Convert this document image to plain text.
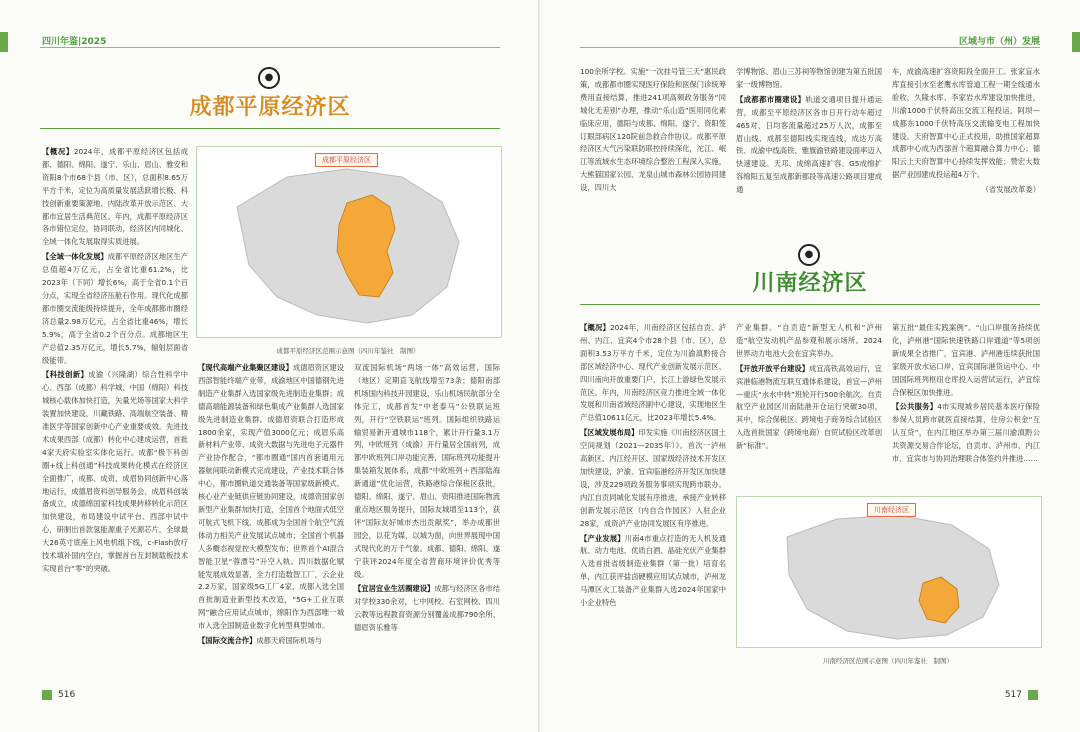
四川年鉴|2025
●
成都平原经济区
成都平原经济区
成都平原经济区范围示意图（四川年鉴社　制图）

【概况】2024年，成都平原经济区包括成都、德阳、绵阳、遂宁、乐山、眉山、雅安和资阳8个市68个县（市、区），总面积8.65万平方千米，定位为高质量发展活跃增长极、科技创新重要策源地、内陆改革开放示范区、大都市宜居生活典范区。年内，成都平原经济区各市错位定位，协同联动，经济区内同城化、全域一体化发展取得实质进展。

【全域一体化发展】成都平原经济区地区生产总值超4万亿元，占全省比重61.2%，比2023年（下同）增长6%，高于全省0.1个百分点，实现全省经济压舱石作用。现代化成都都市圈交流能级持续提升，全年成都都市圈经济总量2.98万亿元，占全省比重46%，增长5.9%，高于全省0.2个百分点。成都地区生产总值2.35万亿元，增长5.7%，辐射层面省级能带。

【科技创新】成渝（兴隆湖）综合性科学中心、西部（成都）科学城、中国（绵阳）科技城核心载体加快打造，矢量光场等国家大科学装置加快建设，川藏铁路、高端航空装备、精准医学等国家创新中心产业重要成效。先进技术成果西部（成都）转化中心建成运营，首批4家天府实验室实体化运行。成都“极下科创圈+线上科创通”科技成果转化模式在经济区全面推广，成都、成资、成眉协同创新中心落地运行，成德眉资科创导服务会、成眉科创装备成立，成德绵国家科技成果转移转化示范区加快建设，布局建设中试平台、西部中试中心，研制出首款氢能源重子光源芯片，全球最大26英寸底座上风电机组下线，c-Flash放疗技术填补国内空白，掌握首台互封制载板技术实现首台“零”的突破。

【现代高端产业集聚区建设】成德眉资区建设西部智能终端产业带，成渝地区中国德钢先进制造产业集群入选国家级先进制造业集群；成德高端能源装备和绿色集成产业集群人选国家级先进制造业集群。成德眉资联合打造形成1800余家，实现产值3000亿元；成眉乐高新材料产业带、成资大数据与先进电子元器件产业协作配合，“都市圈通”国内首套通用元器航间联动新模式完成建设，产业技术联合体中心，都市圈轨道交通装备等国家级新模式、核心业产业链供应链协同建设，成德资国家创新型产业集群加快打造，全国首个地面式低空可航式飞机下线、成都成为全国首个航空气流体动力相关产业发展试点城市；全国首个机器人多概态视觉控大模型发布；世界首个AI混合智能卫星“蓉漂号”升空入轨。四川数据化赋能发展成效显著，全力打造数智工厂，云企业2.2万家，国家级5G工厂4家，成都入选全国首批制造业新型技术改造，“5G+工业互联网”融合应用试点城市，绵阳作为西部唯一城市入选全国制造业数字化转型典型城市。

【国际交流合作】成都天府国际机场与

双流国际机场“两场一体”高效运营，国际（地区）定期直飞航线增至73条；德阳南部机场国内科技开园建设，乐山机场民航部分全体完工，成都首发“中老泰马”公铁联运班列，开行“空铁联运”班列。国际组织铁路运输贸易新开通城市118个，累计开行量3.1万列，中欧班列（成渝）开行量居全国前列，成都中欧班列口岸功能完善，国际班列功能提升集装箱发展体系，成都“中欧班列＋西部陆海新通道”优化运营，铁路港综合保税区获批，德阳、绵阳、遂宁、眉山、资阳推进国际物流重点地区服务提升，国际友城增至113个，获评“国际友好城市杰出贡献奖”，举办成都世园会，以花为媒，以城为窗，向世界展现中国式现代化的万千气象。成都、德阳、绵阳、遂宁获评2024年度全省营商环境评价优秀等级。

【宜居宜业生活圈建设】成都与经济区各市结对学校330余对，七中网校、石室网校、四川云教等远程教育资源分别覆盖成都790余所、德眉资乐雅等

516
区域与市（州）发展

100余所学校。实施“一次挂号管三天”惠民政策，成都都市圈实现医疗保险和医保门诊统筹费用直接结算，推进241项高频政务服务“同城化无差别”办理，推动“乐山造”医用同化素临床应用，德阳与成都、绵阳、遂宁、资阳签订眼部病区120院前急救合作协议。成都平原经济区大气污染联防联控持续深化，沱江、岷江等流域水生态环境综合整治工程深入实施，大熊猫国家公园、龙泉山城市森林公园协同建设，四川大

学博物馆、眉山三苏祠等物馆创建为第五批国家一级博物馆。

【成都都市圈建设】轨道交通项目提升通运营，成都至平原经济区各市日开行动车超过465对，日均客流量超过25万人次，成都至眉山线、成都至德阳线实现连线，成达万高铁、成渝中线高铁、雅旗渝铁路建设面率迈入快速建设。天邛、成绵高速扩容、G5成绵扩容绵阳五复至成都新都段等高速公路项目建成通

车，成渝高速扩容资阳段全面开工。张家盲水库直接引水至老鹰水库管道工程一期全线通水验收，久隆水库、李家岩水库建设加快推进，川渝1000千伏特高压交流工程投运，阿坝—成都东1000千伏特高压交流输变电工程加快建设。天府智算中心正式投用，助推国家超算成都中心成为西部首个超算融合算力中心；德阳云上天府智算中心持续发挥效能；赞宏大数据产业园建成投运超4万个。

（省发展改革委）

●
川南经济区

【概况】2024年，川南经济区包括自贡、泸州、内江、宜宾4个市28个县（市、区），总面积3.53万平方千米，定位为川渝滇黔接合部区域经济中心、现代产业创新发展示范区、四川南向开放重要门户，长江上游绿色发展示范区。年内，川南经济区竞力推进全域一体化发展和川南省域经济副中心建设，实现地区生产总值10611亿元，比2023年增长5.4%。

【区域发展布局】印发实施《川南经济区国土空间规划（2021—2035年）》。首次一泸州高新区、内江经开区、国家级经济技术开发区加快建设，沪渝、宜宾临港经济开发区加快建设，涉及229项政务服务事项实现跨市联办。内江自贡同城化发展有序推进，承接产业转移创新发展示范区（内自合作园区）入驻企业28家，成资泸产业协同发展区有序推进。

【产业发展】川南4市重点打造的无人机及通航、动力电池、优质白酒、晶硅光伏产业集群入选首批省级制造业集群（第一批）培育名单，内江获评盐卤硬模应用试点城市，泸州龙马潭区火工装备产业集群入选2024年国家中小企业特色

产业集群。“自贡造”新型无人机和“泸州造”航空发动机产品参观和展示场所。2024世界动力电池大会在宜宾举办。

【开放开放平台建设】成宜高铁高效运行，宜宾港临港物流互联互通体系建设，首宜—泸州—重庆“水水中转”班轮开行500余航次。自贡航空产业园区川南陆港开仓运行突破30项，其中，综合保税区、跨境电子商务综合试验区入选首批国家（跨境电商）自贸试验区改革创新“标准”。

第五批“最佳实践案例”。“山口岸服务持续优化，泸州港“国际快速铁路口岸通道”等5项创新成果全省推广，宜宾港、泸州港连续获批国家级开放水运口岸，宜宾国际港货运中心、中国国际班列枢纽仓库投入运营试运行，泸宜综合保税区加快推进。

【公共服务】4市实现城乡居民基本医疗保险参保人员跨市就医直接结算，住房公积金“互认互贷”，在内江地区举办第三届川渝滇黔公共资源交易合作论坛，自贡市、泸州市、内江市、宜宾市与协同治理联合体签约并推进……

川南经济区
川南经济区范围示意图（四川年鉴社　制图）
517
